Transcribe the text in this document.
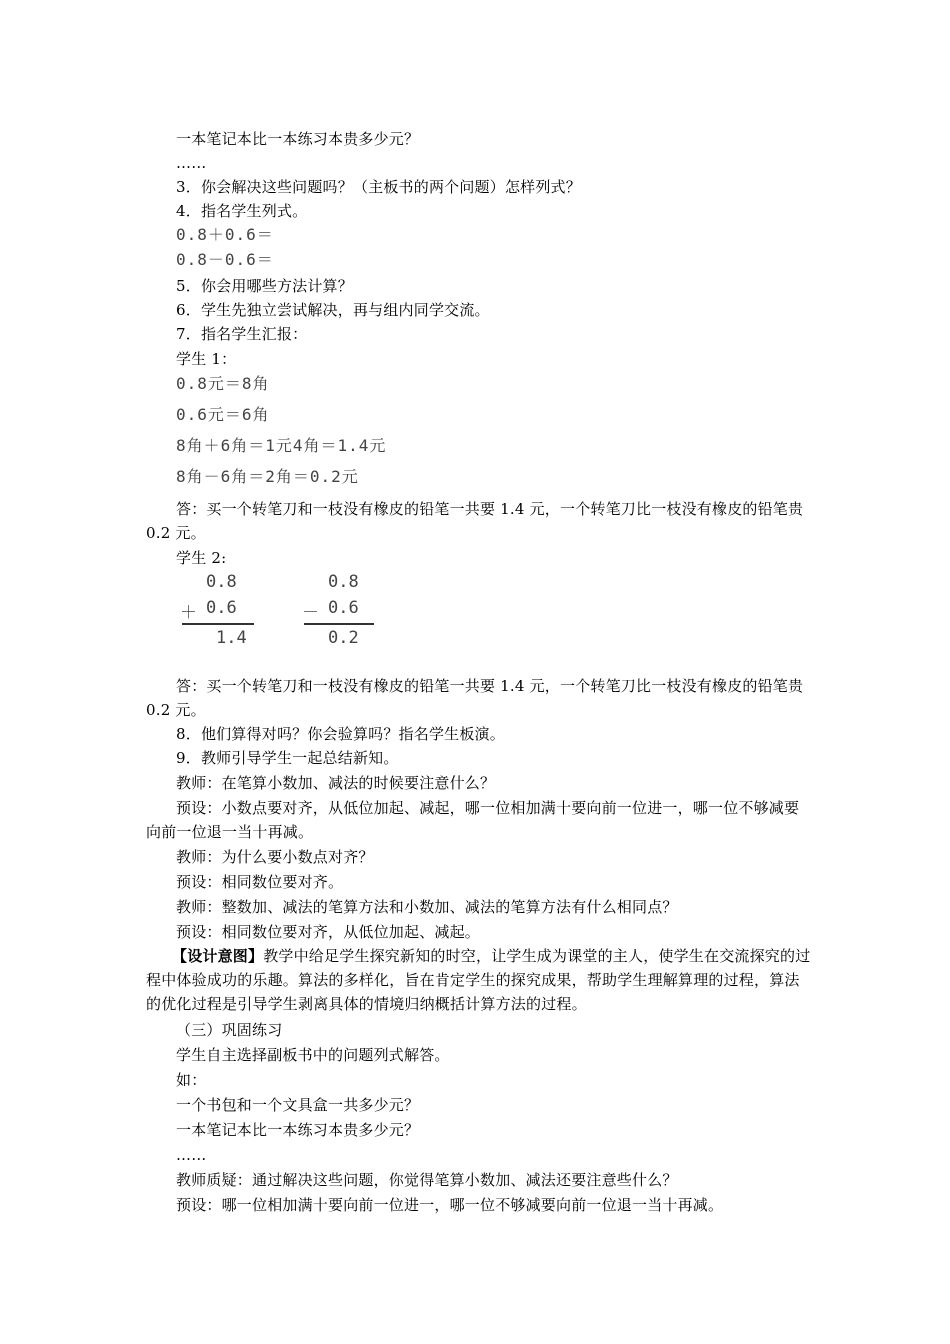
一本笔记本比一本练习本贵多少元？
……
3．你会解决这些问题吗？（主板书的两个问题）怎样列式？
4．指名学生列式。
0.8＋0.6＝
0.8－0.6＝
5．你会用哪些方法计算？
6．学生先独立尝试解决，再与组内同学交流。
7．指名学生汇报：
学生 1：
0.8元＝8角
0.6元＝6角
8角＋6角＝1元4角＝1.4元
8角－6角＝2角＝0.2元
答：买一个转笔刀和一枝没有橡皮的铅笔一共要 1.4 元，一个转笔刀比一枝没有橡皮的铅笔贵 0.2 元。
学生 2:
0.8
＋ 0.6
1.4
0.8
－ 0.6
0.2
答：买一个转笔刀和一枝没有橡皮的铅笔一共要 1.4 元，一个转笔刀比一枝没有橡皮的铅笔贵 0.2 元。
8．他们算得对吗？你会验算吗？指名学生板演。
9．教师引导学生一起总结新知。
教师：在笔算小数加、减法的时候要注意什么？
预设：小数点要对齐，从低位加起、减起，哪一位相加满十要向前一位进一，哪一位不够减要向前一位退一当十再减。
教师：为什么要小数点对齐？
预设：相同数位要对齐。
教师：整数加、减法的笔算方法和小数加、减法的笔算方法有什么相同点？
预设：相同数位要对齐，从低位加起、减起。
【设计意图】教学中给足学生探究新知的时空，让学生成为课堂的主人，使学生在交流探究的过程中体验成功的乐趣。算法的多样化，旨在肯定学生的探究成果，帮助学生理解算理的过程，算法的优化过程是引导学生剥离具体的情境归纳概括计算方法的过程。
（三）巩固练习
学生自主选择副板书中的问题列式解答。
如：
一个书包和一个文具盒一共多少元？
一本笔记本比一本练习本贵多少元？
……
教师质疑：通过解决这些问题，你觉得笔算小数加、减法还要注意些什么？
预设：哪一位相加满十要向前一位进一，哪一位不够减要向前一位退一当十再减。
